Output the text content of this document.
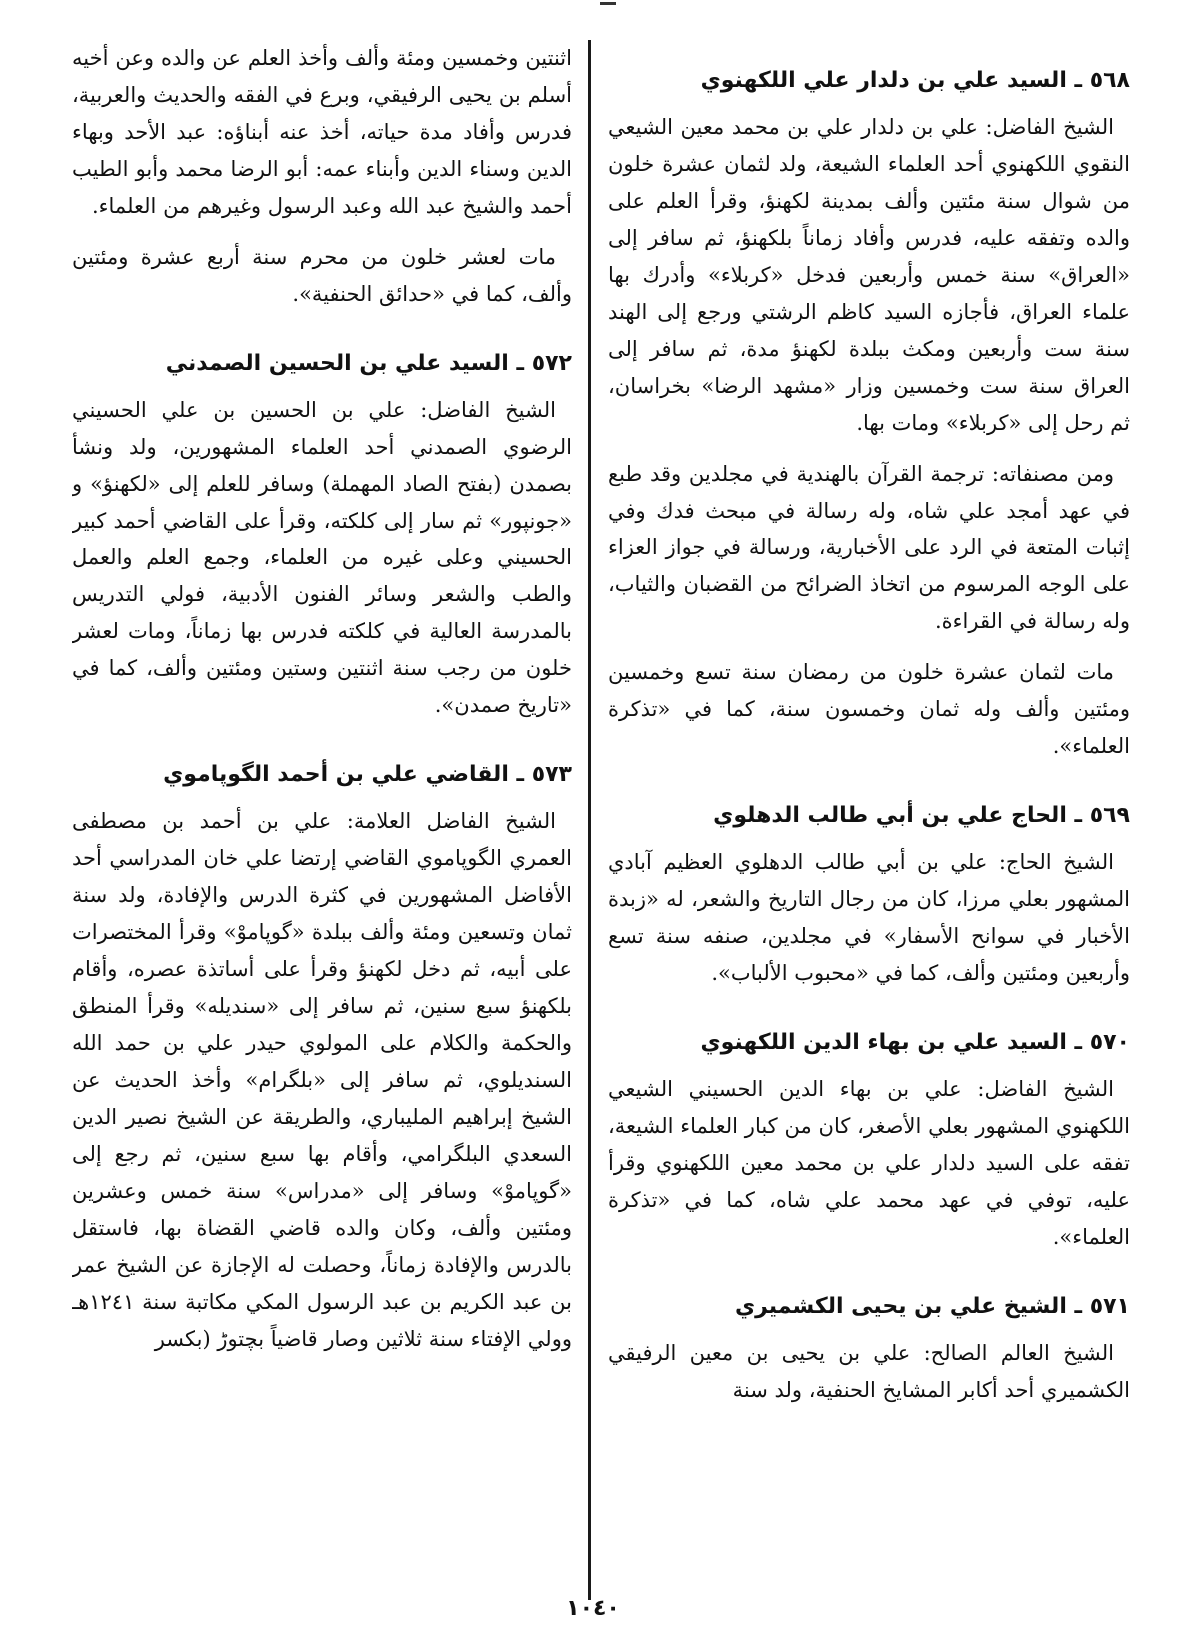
٥٦٨ ـ السيد علي بن دلدار علي اللكهنوي

الشيخ الفاضل: علي بن دلدار علي بن محمد معين الشيعي النقوي اللكهنوي أحد العلماء الشيعة، ولد لثمان عشرة خلون من شوال سنة مئتين وألف بمدينة لكهنؤ، وقرأ العلم على والده وتفقه عليه، فدرس وأفاد زماناً بلكهنؤ، ثم سافر إلى «العراق» سنة خمس وأربعين فدخل «كربلاء» وأدرك بها علماء العراق، فأجازه السيد كاظم الرشتي ورجع إلى الهند سنة ست وأربعين ومكث ببلدة لكهنؤ مدة، ثم سافر إلى العراق سنة ست وخمسين وزار «مشهد الرضا» بخراسان، ثم رحل إلى «كربلاء» ومات بها.

ومن مصنفاته: ترجمة القرآن بالهندية في مجلدين وقد طبع في عهد أمجد علي شاه، وله رسالة في مبحث فدك وفي إثبات المتعة في الرد على الأخبارية، ورسالة في جواز العزاء على الوجه المرسوم من اتخاذ الضرائح من القضبان والثياب، وله رسالة في القراءة.

مات لثمان عشرة خلون من رمضان سنة تسع وخمسين ومئتين وألف وله ثمان وخمسون سنة، كما في «تذكرة العلماء».

٥٦٩ ـ الحاج علي بن أبي طالب الدهلوي

الشيخ الحاج: علي بن أبي طالب الدهلوي العظيم آبادي المشهور بعلي مرزا، كان من رجال التاريخ والشعر، له «زبدة الأخبار في سوانح الأسفار» في مجلدين، صنفه سنة تسع وأربعين ومئتين وألف، كما في «محبوب الألباب».

٥٧٠ ـ السيد علي بن بهاء الدين اللكهنوي

الشيخ الفاضل: علي بن بهاء الدين الحسيني الشيعي اللكهنوي المشهور بعلي الأصغر، كان من كبار العلماء الشيعة، تفقه على السيد دلدار علي بن محمد معين اللكهنوي وقرأ عليه، توفي في عهد محمد علي شاه، كما في «تذكرة العلماء».

٥٧١ ـ الشيخ علي بن يحيى الكشميري

الشيخ العالم الصالح: علي بن يحيى بن معين الرفيقي الكشميري أحد أكابر المشايخ الحنفية، ولد سنة

اثنتين وخمسين ومئة وألف وأخذ العلم عن والده وعن أخيه أسلم بن يحيى الرفيقي، وبرع في الفقه والحديث والعربية، فدرس وأفاد مدة حياته، أخذ عنه أبناؤه: عبد الأحد وبهاء الدين وسناء الدين وأبناء عمه: أبو الرضا محمد وأبو الطيب أحمد والشيخ عبد الله وعبد الرسول وغيرهم من العلماء.

مات لعشر خلون من محرم سنة أربع عشرة ومئتين وألف، كما في «حدائق الحنفية».

٥٧٢ ـ السيد علي بن الحسين الصمدني

الشيخ الفاضل: علي بن الحسين بن علي الحسيني الرضوي الصمدني أحد العلماء المشهورين، ولد ونشأ بصمدن (بفتح الصاد المهملة) وسافر للعلم إلى «لكهنؤ» و «جونپور» ثم سار إلى كلكته، وقرأ على القاضي أحمد كبير الحسيني وعلى غيره من العلماء، وجمع العلم والعمل والطب والشعر وسائر الفنون الأدبية، فولي التدريس بالمدرسة العالية في كلكته فدرس بها زماناً، ومات لعشر خلون من رجب سنة اثنتين وستين ومئتين وألف، كما في «تاريخ صمدن».

٥٧٣ ـ القاضي علي بن أحمد الگوپاموي

الشيخ الفاضل العلامة: علي بن أحمد بن مصطفى العمري الگوپاموي القاضي إرتضا علي خان المدراسي أحد الأفاضل المشهورين في كثرة الدرس والإفادة، ولد سنة ثمان وتسعين ومئة وألف ببلدة «گوپاموْ» وقرأ المختصرات على أبيه، ثم دخل لكهنؤ وقرأ على أساتذة عصره، وأقام بلكهنؤ سبع سنين، ثم سافر إلى «سنديله» وقرأ المنطق والحكمة والكلام على المولوي حيدر علي بن حمد الله السنديلوي، ثم سافر إلى «بلگرام» وأخذ الحديث عن الشيخ إبراهيم المليباري، والطريقة عن الشيخ نصير الدين السعدي البلگرامي، وأقام بها سبع سنين، ثم رجع إلى «گوپاموْ» وسافر إلى «مدراس» سنة خمس وعشرين ومئتين وألف، وكان والده قاضي القضاة بها، فاستقل بالدرس والإفادة زماناً، وحصلت له الإجازة عن الشيخ عمر بن عبد الكريم بن عبد الرسول المكي مكاتبة سنة ١٢٤١هـ وولي الإفتاء سنة ثلاثين وصار قاضياً بچتوڑ (بكسر

١٠٤٠
